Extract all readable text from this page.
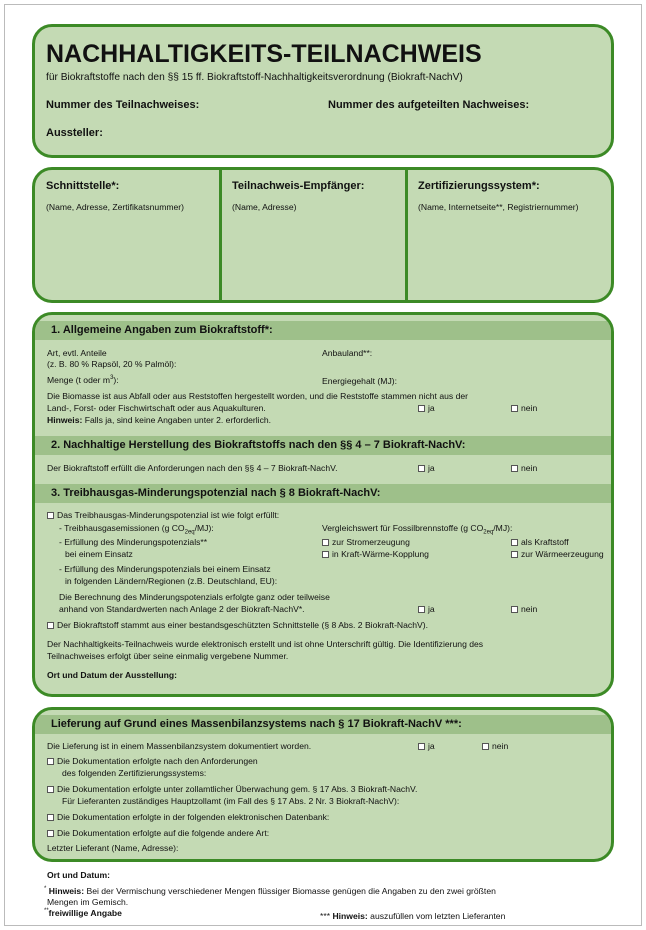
NACHHALTIGKEITS-TEILNACHWEIS
für Biokraftstoffe nach den §§ 15 ff. Biokraftstoff-Nachhaltigkeitsverordnung (Biokraft-NachV)
Nummer des Teilnachweises:	Nummer des aufgeteilten Nachweises:
Aussteller:
Schnittstelle*:
(Name, Adresse, Zertifikatsnummer)
Teilnachweis-Empfänger:
(Name, Adresse)
Zertifizierungssystem*:
(Name, Internetseite**, Registriernummer)
1. Allgemeine Angaben zum Biokraftstoff*:
Art, evtl. Anteile
(z. B. 80 % Rapsöl, 20 % Palmöl):
Anbauland**:
Menge (t oder $m^3$):	Energiegehalt (MJ):
Die Biomasse ist aus Abfall oder aus Reststoffen hergestellt worden, und die Reststoffe stammen nicht aus der
Land-, Forst- oder Fischwirtschaft oder aus Aquakulturen.	ja	nein
Hinweis: Falls ja, sind keine Angaben unter 2. erforderlich.
2. Nachhaltige Herstellung des Biokraftstoffs nach den §§ 4 – 7 Biokraft-NachV:
Der Biokraftstoff erfüllt die Anforderungen nach den §§ 4 – 7 Biokraft-NachV.	ja	nein
3. Treibhausgas-Minderungspotenzial nach § 8 Biokraft-NachV:
Das Treibhausgas-Minderungspotenzial ist wie folgt erfüllt:
- Treibhausgasemissionen (g $CO_{2eq}/MJ$):	Vergleichswert für Fossilbrennstoffe (g $CO_{2eq}/MJ$):
- Erfüllung des Minderungspotenzials**
bei einem Einsatz
zur Stromerzeugung	als Kraftstoff
in Kraft-Wärme-Kopplung	zur Wärmeerzeugung
- Erfüllung des Minderungspotenzials bei einem Einsatz
in folgenden Ländern/Regionen (z.B. Deutschland, EU):
Die Berechnung des Minderungspotenzials erfolgte ganz oder teilweise
anhand von Standardwerten nach Anlage 2 der Biokraft-NachV*.	ja	nein
Der Biokraftstoff stammt aus einer bestandsgeschützten Schnittstelle (§ 8 Abs. 2 Biokraft-NachV).
Der Nachhaltigkeits-Teilnachweis wurde elektronisch erstellt und ist ohne Unterschrift gültig. Die Identifizierung des
Teilnachweises erfolgt über seine einmalig vergebene Nummer.
Ort und Datum der Ausstellung:
Lieferung auf Grund eines Massenbilanzsystems nach § 17 Biokraft-NachV ***:
Die Lieferung ist in einem Massenbilanzsystem dokumentiert worden.	ja	nein
Die Dokumentation erfolgte nach den Anforderungen
des folgenden Zertifizierungssystems:
Die Dokumentation erfolgte unter zollamtlicher Überwachung gem. § 17 Abs. 3 Biokraft-NachV.
Für Lieferanten zuständiges Hauptzollamt (im Fall des § 17 Abs. 2 Nr. 3 Biokraft-NachV):
Die Dokumentation erfolgte in der folgenden elektronischen Datenbank:
Die Dokumentation erfolgte auf die folgende andere Art:
Letzter Lieferant (Name, Adresse):
Ort und Datum:
* Hinweis: Bei der Vermischung verschiedener Mengen flüssiger Biomasse genügen die Angaben zu den zwei größten
Mengen im Gemisch.
**freiwillige Angabe	*** Hinweis: auszufüllen vom letzten Lieferanten
